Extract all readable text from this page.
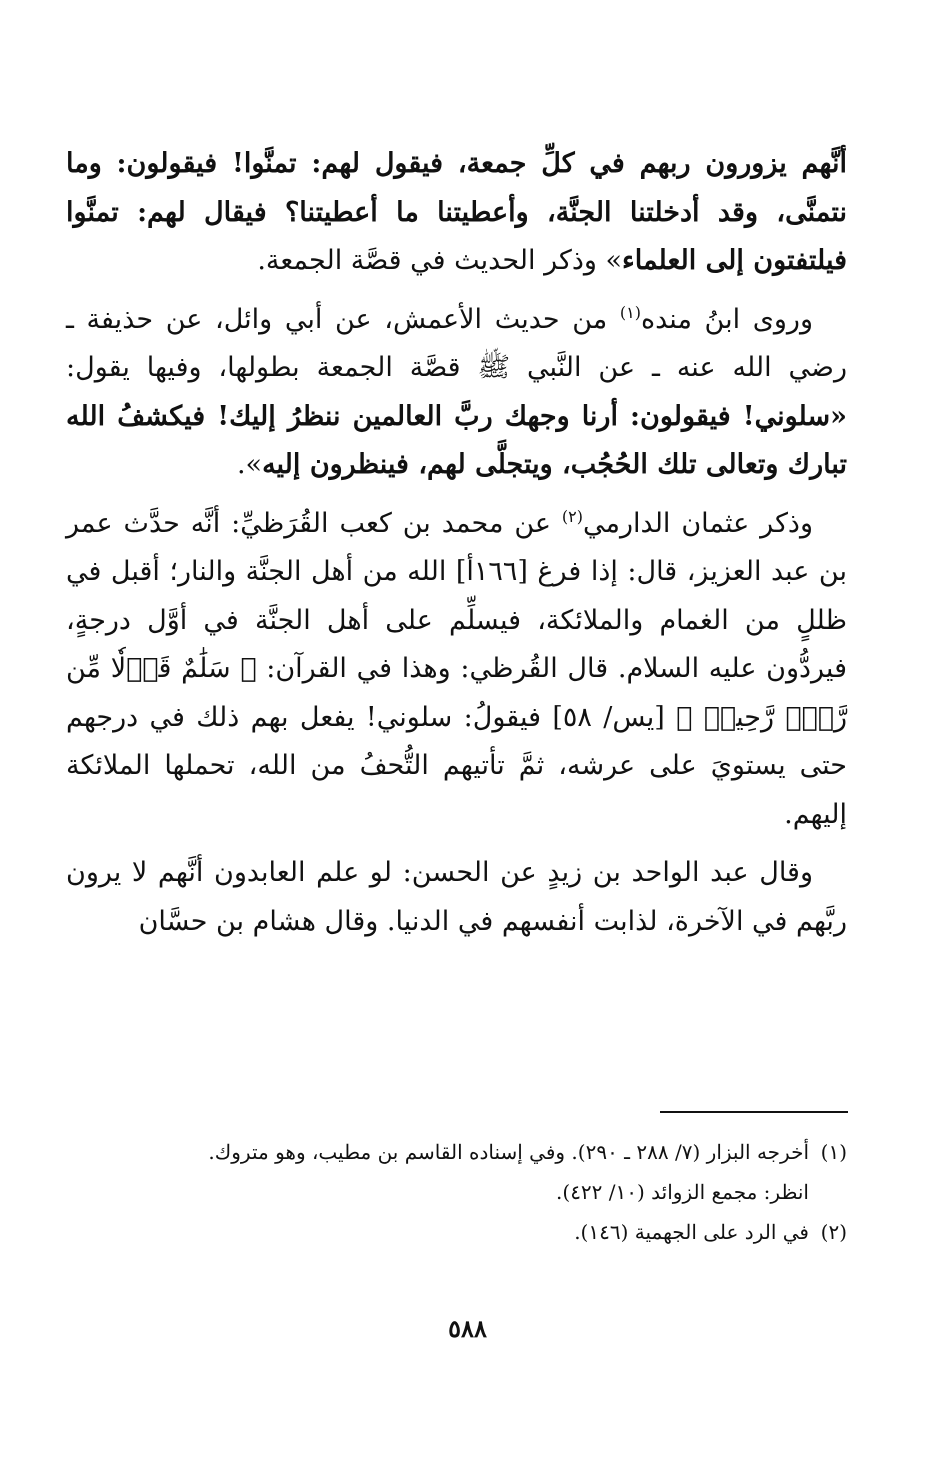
أنَّهم يزورون ربهم في كلِّ جمعة، فيقول لهم: تمنَّوا! فيقولون: وما نتمنَّى، وقد أدخلتنا الجنَّة، وأعطيتنا ما أعطيتنا؟ فيقال لهم: تمنَّوا فيلتفتون إلى العلماء» وذكر الحديث في قصَّة الجمعة.

وروى ابنُ منده$^{(١)}$ من حديث الأعمش، عن أبي وائل، عن حذيفة ـ رضي الله عنه ـ عن النَّبي ﷺ قصَّة الجمعة بطولها، وفيها يقول: «سلوني! فيقولون: أرنا وجهك ربَّ العالمين ننظرُ إليك! فيكشفُ الله تبارك وتعالى تلك الحُجُب، ويتجلَّى لهم، فينظرون إليه».

وذكر عثمان الدارمي$^{(٢)}$ عن محمد بن كعب القُرَظيِّ: أنَّه حدَّث عمر بن عبد العزيز، قال: إذا فرغ [١٦٦أ] الله من أهل الجنَّة والنار؛ أقبل في ظللٍ من الغمام والملائكة، فيسلِّم على أهل الجنَّة في أوَّل درجةٍ، فيردُّون عليه السلام. قال القُرظي: وهذا في القرآن: ﴿ سَلَٰمٌ قَوۡلٗا مِّن رَّبّٖ رَّحِيمٖ ﴾ [يس/ ٥٨] فيقولُ: سلوني! يفعل بهم ذلك في درجهم حتى يستويَ على عرشه، ثمَّ تأتيهم التُّحفُ من الله، تحملها الملائكة إليهم.

وقال عبد الواحد بن زيدٍ عن الحسن: لو علم العابدون أنَّهم لا يرون ربَّهم في الآخرة، لذابت أنفسهم في الدنيا. وقال هشام بن حسَّان

(١)أخرجه البزار (٧/ ٢٨٨ ـ ٢٩٠). وفي إسناده القاسم بن مطيب، وهو متروك.

انظر: مجمع الزوائد (١٠/ ٤٢٢).

(٢)في الرد على الجهمية (١٤٦).

٥٨٨
